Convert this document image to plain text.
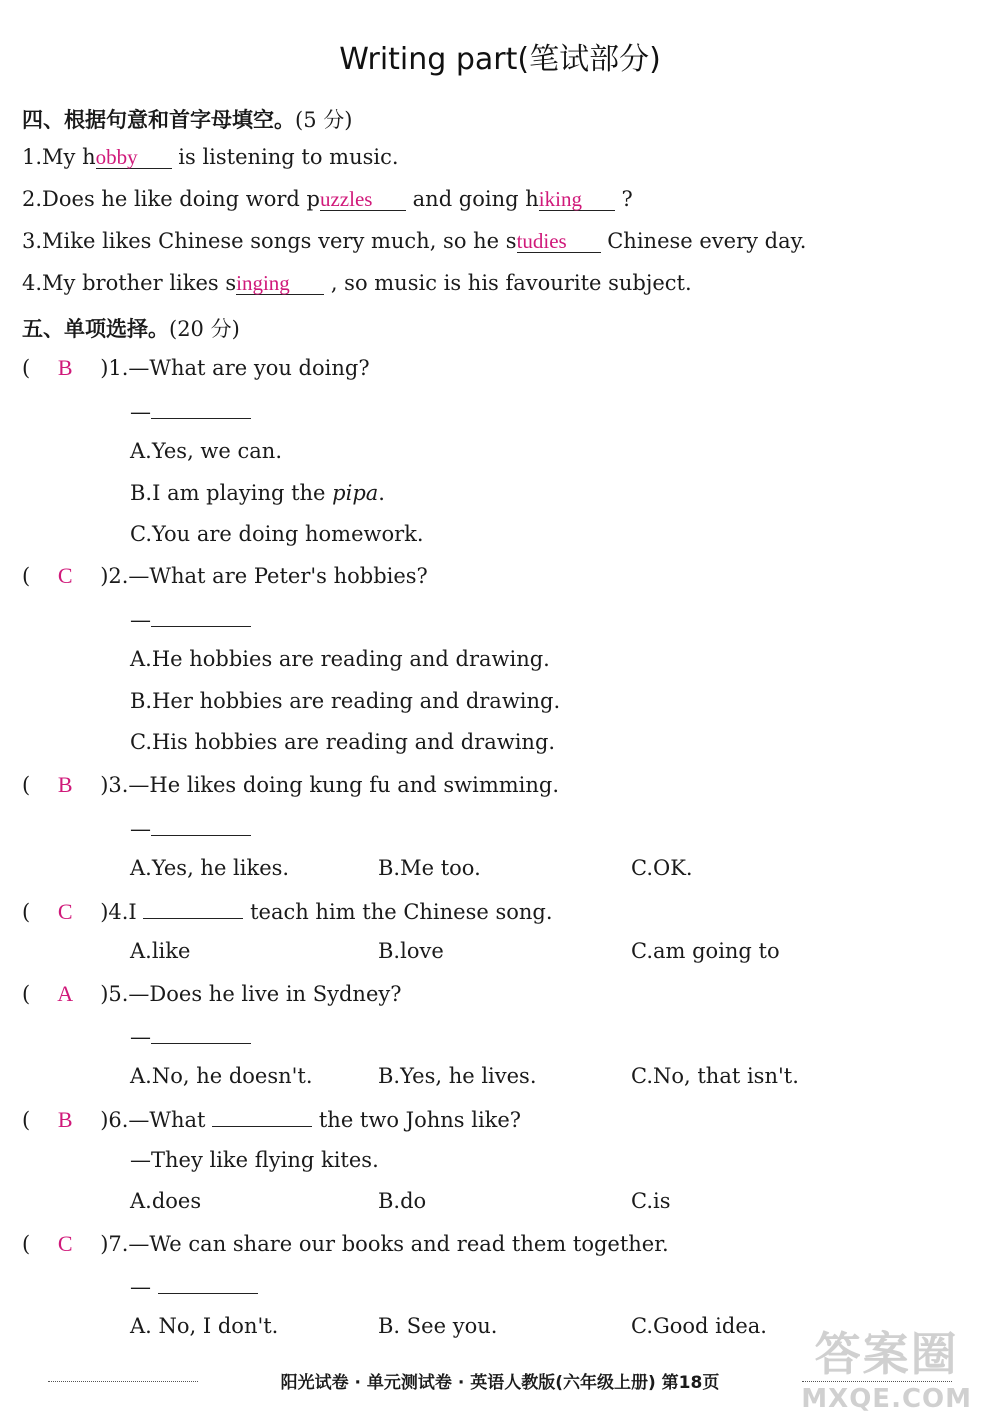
Writing part(笔试部分)
四、根据句意和首字母填空。(5 分)
1.My hobby is listening to music.
2.Does he like doing word puzzles and going hiking ?
3.Mike likes Chinese songs very much, so he studies Chinese every day.
4.My brother likes singing , so music is his favourite subject.
五、单项选择。(20 分)
( B )1.—What are you doing?
—
A.Yes, we can.
B.I am playing the pipa.
C.You are doing homework.
( C )2.—What are Peter's hobbies?
—
A.He hobbies are reading and drawing.
B.Her hobbies are reading and drawing.
C.His hobbies are reading and drawing.
( B )3.—He likes doing kung fu and swimming.
—
A.Yes, he likes.	B.Me too.	C.OK.
( C )4.I	teach him the Chinese song.
A.like	B.love	C.am going to
( A )5.—Does he live in Sydney?
—
A.No, he doesn't.	B.Yes, he lives.	C.No, that isn't.
( B )6.—What	the two Johns like?
—They like flying kites.
A.does	B.do	C.is
( C )7.—We can share our books and read them together.
—
A. No, I don't.	B. See you.	C.Good idea.
阳光试卷 · 单元测试卷 · 英语人教版(六年级上册) 第18页
答案圈
MXQE.COM
